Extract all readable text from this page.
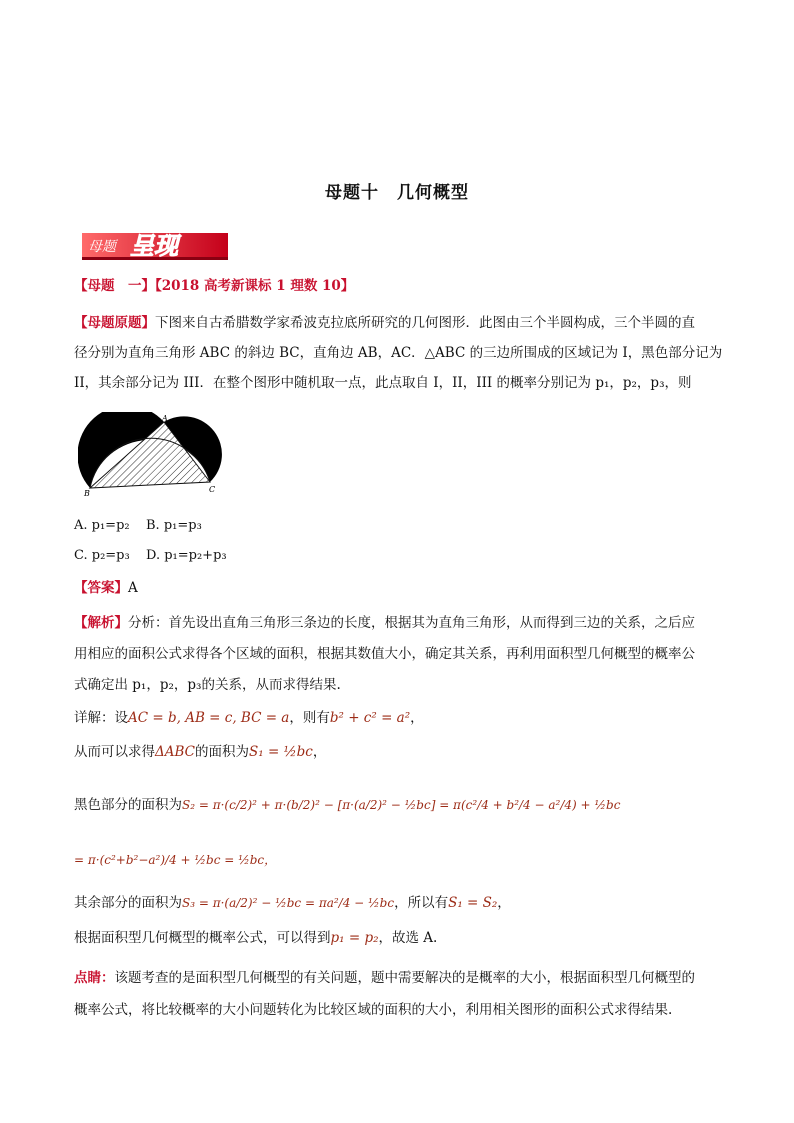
母题十　几何概型
母题 呈现
【母题　一】【2018 高考新课标 1 理数 10】
【母题原题】下图来自古希腊数学家希波克拉底所研究的几何图形．此图由三个半圆构成，三个半圆的直
径分别为直角三角形 ABC 的斜边 BC，直角边 AB，AC．△ABC 的三边所围成的区域记为 I，黑色部分记为
II，其余部分记为 III．在整个图形中随机取一点，此点取自 I，II，III 的概率分别记为 p₁，p₂，p₃，则
A
B	C
A. p₁=p₂ B. p₁=p₃
C. p₂=p₃ D. p₁=p₂+p₃
【答案】A
【解析】分析：首先设出直角三角形三条边的长度，根据其为直角三角形，从而得到三边的关系，之后应
用相应的面积公式求得各个区域的面积，根据其数值大小，确定其关系，再利用面积型几何概型的概率公
式确定出 p₁，p₂，p₃的关系，从而求得结果.
详解：设AC = b, AB = c, BC = a，则有b² + c² = a²，
从而可以求得ΔABC的面积为S₁ = ½bc，
黑色部分的面积为S₂ = π·(c/2)² + π·(b/2)² − [π·(a/2)² − ½bc] = π(c²/4 + b²/4 − a²/4) + ½bc
= π·(c²+b²−a²)/4 + ½bc = ½bc，
其余部分的面积为S₃ = π·(a/2)² − ½bc = πa²/4 − ½bc，所以有S₁ = S₂，
根据面积型几何概型的概率公式，可以得到p₁ = p₂，故选 A.
点睛：该题考查的是面积型几何概型的有关问题，题中需要解决的是概率的大小，根据面积型几何概型的
概率公式，将比较概率的大小问题转化为比较区域的面积的大小，利用相关图形的面积公式求得结果.
